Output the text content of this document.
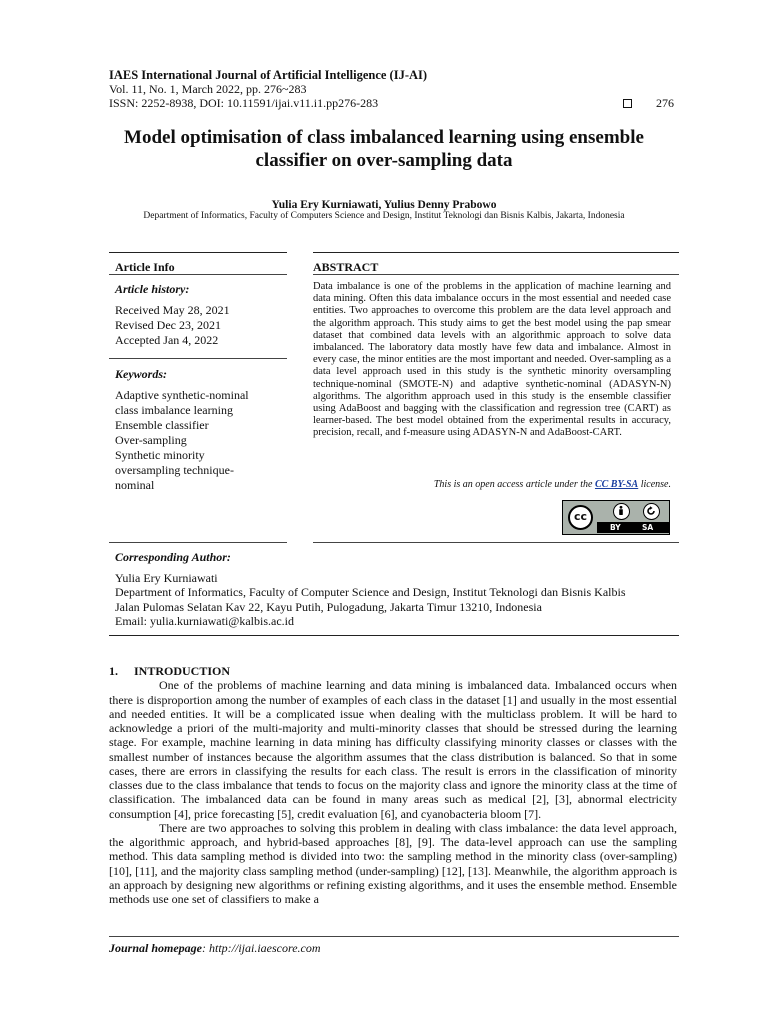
IAES International Journal of Artificial Intelligence (IJ-AI)
Vol. 11, No. 1, March 2022, pp. 276~283
ISSN: 2252-8938, DOI: 10.11591/ijai.v11.i1.pp276-283	276
Model optimisation of class imbalanced learning using ensemble classifier on over-sampling data
Yulia Ery Kurniawati, Yulius Denny Prabowo
Department of Informatics, Faculty of Computers Science and Design, Institut Teknologi dan Bisnis Kalbis, Jakarta, Indonesia
Article Info
Article history:
Received May 28, 2021
Revised Dec 23, 2021
Accepted Jan 4, 2022
Keywords:
Adaptive synthetic-nominal
class imbalance learning
Ensemble classifier
Over-sampling
Synthetic minority
oversampling technique-
nominal
ABSTRACT
Data imbalance is one of the problems in the application of machine learning and data mining. Often this data imbalance occurs in the most essential and needed case entities. Two approaches to overcome this problem are the data level approach and the algorithm approach. This study aims to get the best model using the pap smear dataset that combined data levels with an algorithmic approach to solve data imbalanced. The laboratory data mostly have few data and imbalance. Almost in every case, the minor entities are the most important and needed. Over-sampling as a data level approach used in this study is the synthetic minority oversampling technique-nominal (SMOTE-N) and adaptive synthetic-nominal (ADASYN-N) algorithms. The algorithm approach used in this study is the ensemble classifier using AdaBoost and bagging with the classification and regression tree (CART) as learner-based. The best model obtained from the experimental results in accuracy, precision, recall, and f-measure using ADASYN-N and AdaBoost-CART.
This is an open access article under the CC BY-SA license.
cc
BY	SA
Corresponding Author:
Yulia Ery Kurniawati
Department of Informatics, Faculty of Computer Science and Design, Institut Teknologi dan Bisnis Kalbis
Jalan Pulomas Selatan Kav 22, Kayu Putih, Pulogadung, Jakarta Timur 13210, Indonesia
Email: yulia.kurniawati@kalbis.ac.id
1. INTRODUCTION

One of the problems of machine learning and data mining is imbalanced data. Imbalanced occurs when there is disproportion among the number of examples of each class in the dataset [1] and usually in the most essential and needed entities. It will be a complicated issue when dealing with the multiclass problem. It will be hard to acknowledge a priori of the multi-majority and multi-minority classes that should be stressed during the learning stage. For example, machine learning in data mining has difficulty classifying minority classes or classes with the smallest number of instances because the algorithm assumes that the class distribution is balanced. So that in some cases, there are errors in classifying the results for each class. The result is errors in the classification of minority classes due to the class imbalance that tends to focus on the majority class and ignore the minority class at the time of classification. The imbalanced data can be found in many areas such as medical [2], [3], abnormal electricity consumption [4], price forecasting [5], credit evaluation [6], and cyanobacteria bloom [7].

There are two approaches to solving this problem in dealing with class imbalance: the data level approach, the algorithmic approach, and hybrid-based approaches [8], [9]. The data-level approach can use the sampling method. This data sampling method is divided into two: the sampling method in the minority class (over-sampling) [10], [11], and the majority class sampling method (under-sampling) [12], [13]. Meanwhile, the algorithm approach is an approach by designing new algorithms or refining existing algorithms, and it uses the ensemble method. Ensemble methods use one set of classifiers to make a

Journal homepage: http://ijai.iaescore.com
